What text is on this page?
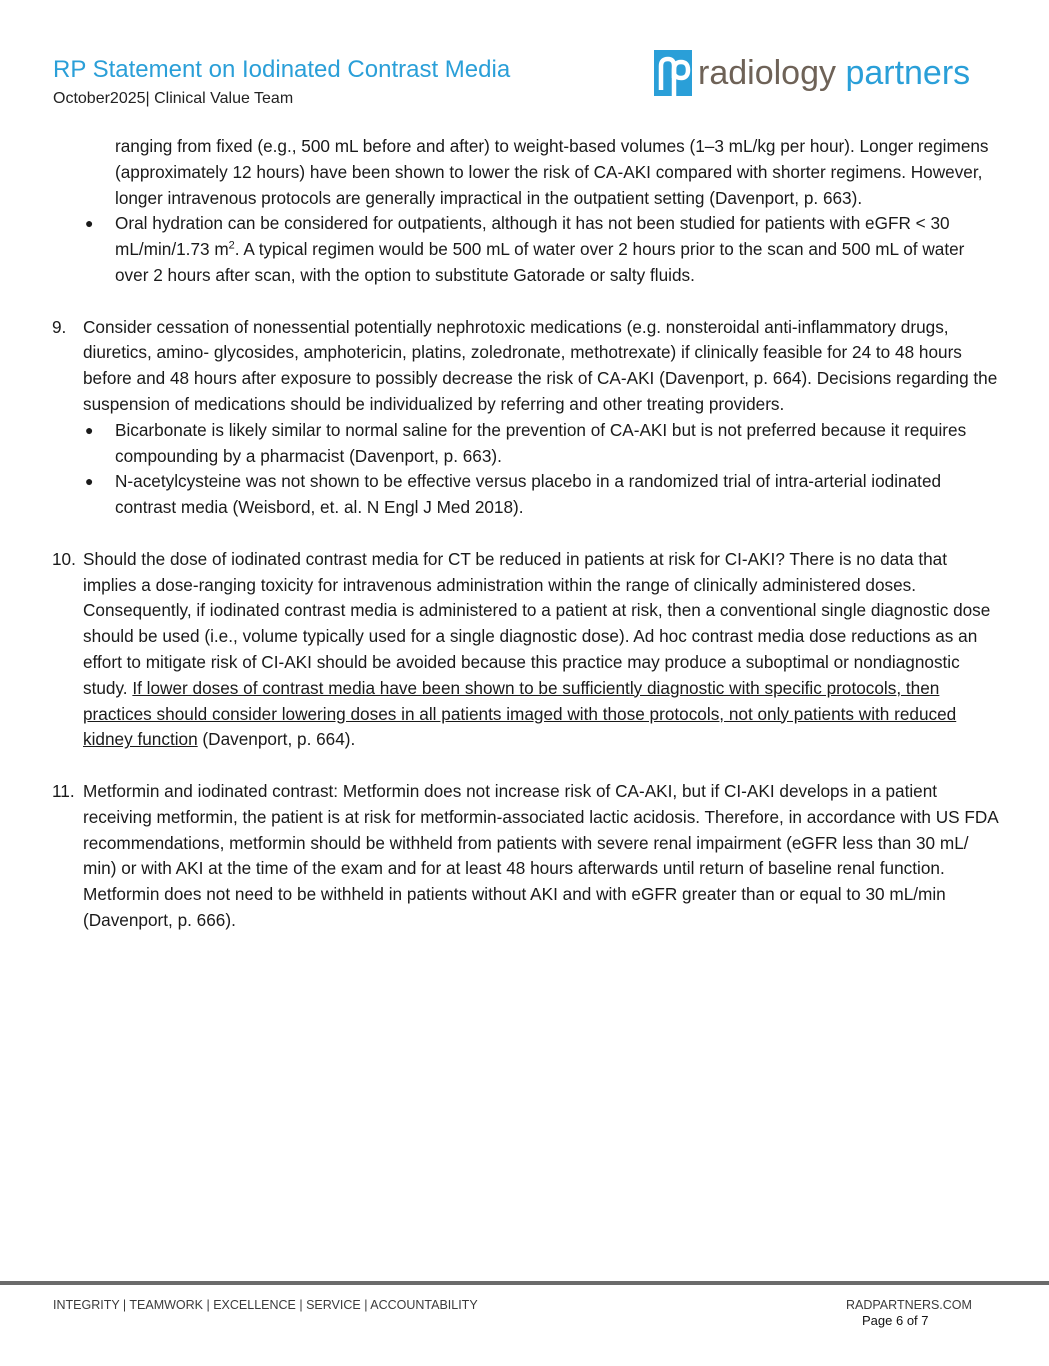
RP Statement on Iodinated Contrast Media
October2025| Clinical Value Team
radiology partners

ranging from fixed (e.g., 500 mL before and after) to weight-based volumes (1–3 mL/kg per hour). Longer regimens (approximately 12 hours) have been shown to lower the risk of CA-AKI compared with shorter regimens. However, longer intravenous protocols are generally impractical in the outpatient setting (Davenport, p. 663).

● Oral hydration can be considered for outpatients, although it has not been studied for patients with eGFR < 30 mL/min/1.73 $m^2$. A typical regimen would be 500 mL of water over 2 hours prior to the scan and 500 mL of water over 2 hours after scan, with the option to substitute Gatorade or salty fluids.
9. Consider cessation of nonessential potentially nephrotoxic medications (e.g. nonsteroidal anti-inflammatory drugs, diuretics, amino- glycosides, amphotericin, platins, zoledronate, methotrexate) if clinically feasible for 24 to 48 hours before and 48 hours after exposure to possibly decrease the risk of CA-AKI (Davenport, p. 664). Decisions regarding the suspension of medications should be individualized by referring and other treating providers.
● Bicarbonate is likely similar to normal saline for the prevention of CA-AKI but is not preferred because it requires compounding by a pharmacist (Davenport, p. 663).
● N-acetylcysteine was not shown to be effective versus placebo in a randomized trial of intra-arterial iodinated contrast media (Weisbord, et. al. N Engl J Med 2018).
10. Should the dose of iodinated contrast media for CT be reduced in patients at risk for CI-AKI? There is no data that implies a dose-ranging toxicity for intravenous administration within the range of clinically administered doses. Consequently, if iodinated contrast media is administered to a patient at risk, then a conventional single diagnostic dose should be used (i.e., volume typically used for a single diagnostic dose). Ad hoc contrast media dose reductions as an effort to mitigate risk of CI-AKI should be avoided because this practice may produce a suboptimal or nondiagnostic study. If lower doses of contrast media have been shown to be sufficiently diagnostic with specific protocols, then practices should consider lowering doses in all patients imaged with those protocols, not only patients with reduced kidney function (Davenport, p. 664).
11. Metformin and iodinated contrast: Metformin does not increase risk of CA-AKI, but if CI-AKI develops in a patient receiving metformin, the patient is at risk for metformin-associated lactic acidosis. Therefore, in accordance with US FDA recommendations, metformin should be withheld from patients with severe renal impairment (eGFR less than 30 mL/ min) or with AKI at the time of the exam and for at least 48 hours afterwards until return of baseline renal function. Metformin does not need to be withheld in patients without AKI and with eGFR greater than or equal to 30 mL/min (Davenport, p. 666).
INTEGRITY | TEAMWORK | EXCELLENCE | SERVICE | ACCOUNTABILITY	RADPARTNERS.COM
Page 6 of 7
